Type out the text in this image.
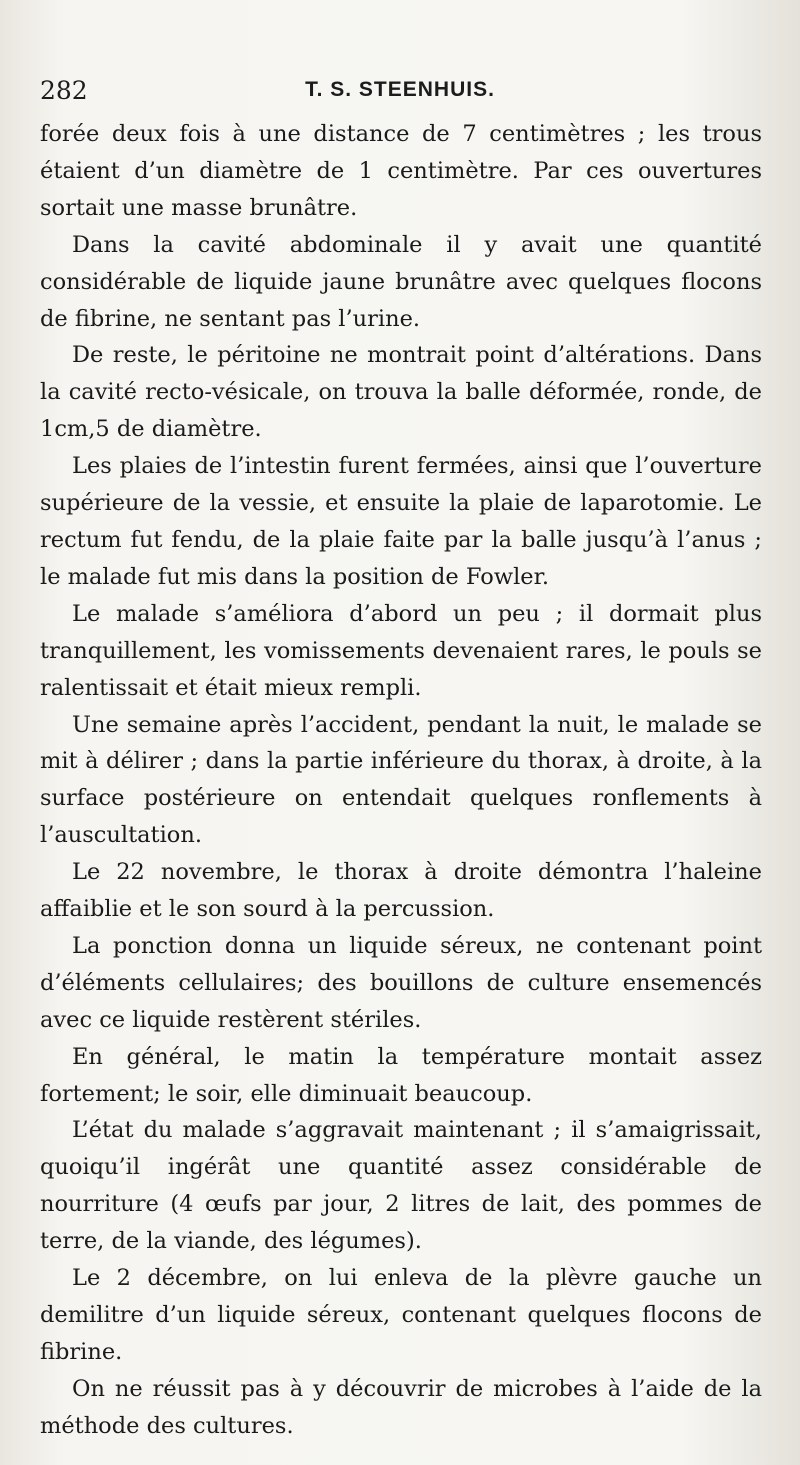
282	T. S. STEENHUIS.

forée deux fois à une distance de 7 centimètres ; les trous étaient d’un diamètre de 1 centimètre. Par ces ouvertures sortait une masse brunâtre.

Dans la cavité abdominale il y avait une quantité considérable de liquide jaune brunâtre avec quelques flocons de fibrine, ne sentant pas l’urine.

De reste, le péritoine ne montrait point d’altérations. Dans la cavité recto-vésicale, on trouva la balle déformée, ronde, de 1cm,5 de diamètre.

Les plaies de l’intestin furent fermées, ainsi que l’ouverture supérieure de la vessie, et ensuite la plaie de laparotomie. Le rectum fut fendu, de la plaie faite par la balle jusqu’à l’anus ; le malade fut mis dans la position de Fowler.

Le malade s’améliora d’abord un peu ; il dormait plus tranquillement, les vomissements devenaient rares, le pouls se ralentissait et était mieux rempli.

Une semaine après l’accident, pendant la nuit, le malade se mit à délirer ; dans la partie inférieure du thorax, à droite, à la surface postérieure on entendait quelques ronflements à l’auscultation.

Le 22 novembre, le thorax à droite démontra l’haleine affaiblie et le son sourd à la percussion.

La ponction donna un liquide séreux, ne contenant point d’éléments cellulaires; des bouillons de culture ensemencés avec ce liquide restèrent stériles.

En général, le matin la température montait assez fortement; le soir, elle diminuait beaucoup.

L’état du malade s’aggravait maintenant ; il s’amaigrissait, quoiqu’il ingérât une quantité assez considérable de nourriture (4 œufs par jour, 2 litres de lait, des pommes de terre, de la viande, des légumes).

Le 2 décembre, on lui enleva de la plèvre gauche un demilitre d’un liquide séreux, contenant quelques flocons de fibrine.

On ne réussit pas à y découvrir de microbes à l’aide de la méthode des cultures.
